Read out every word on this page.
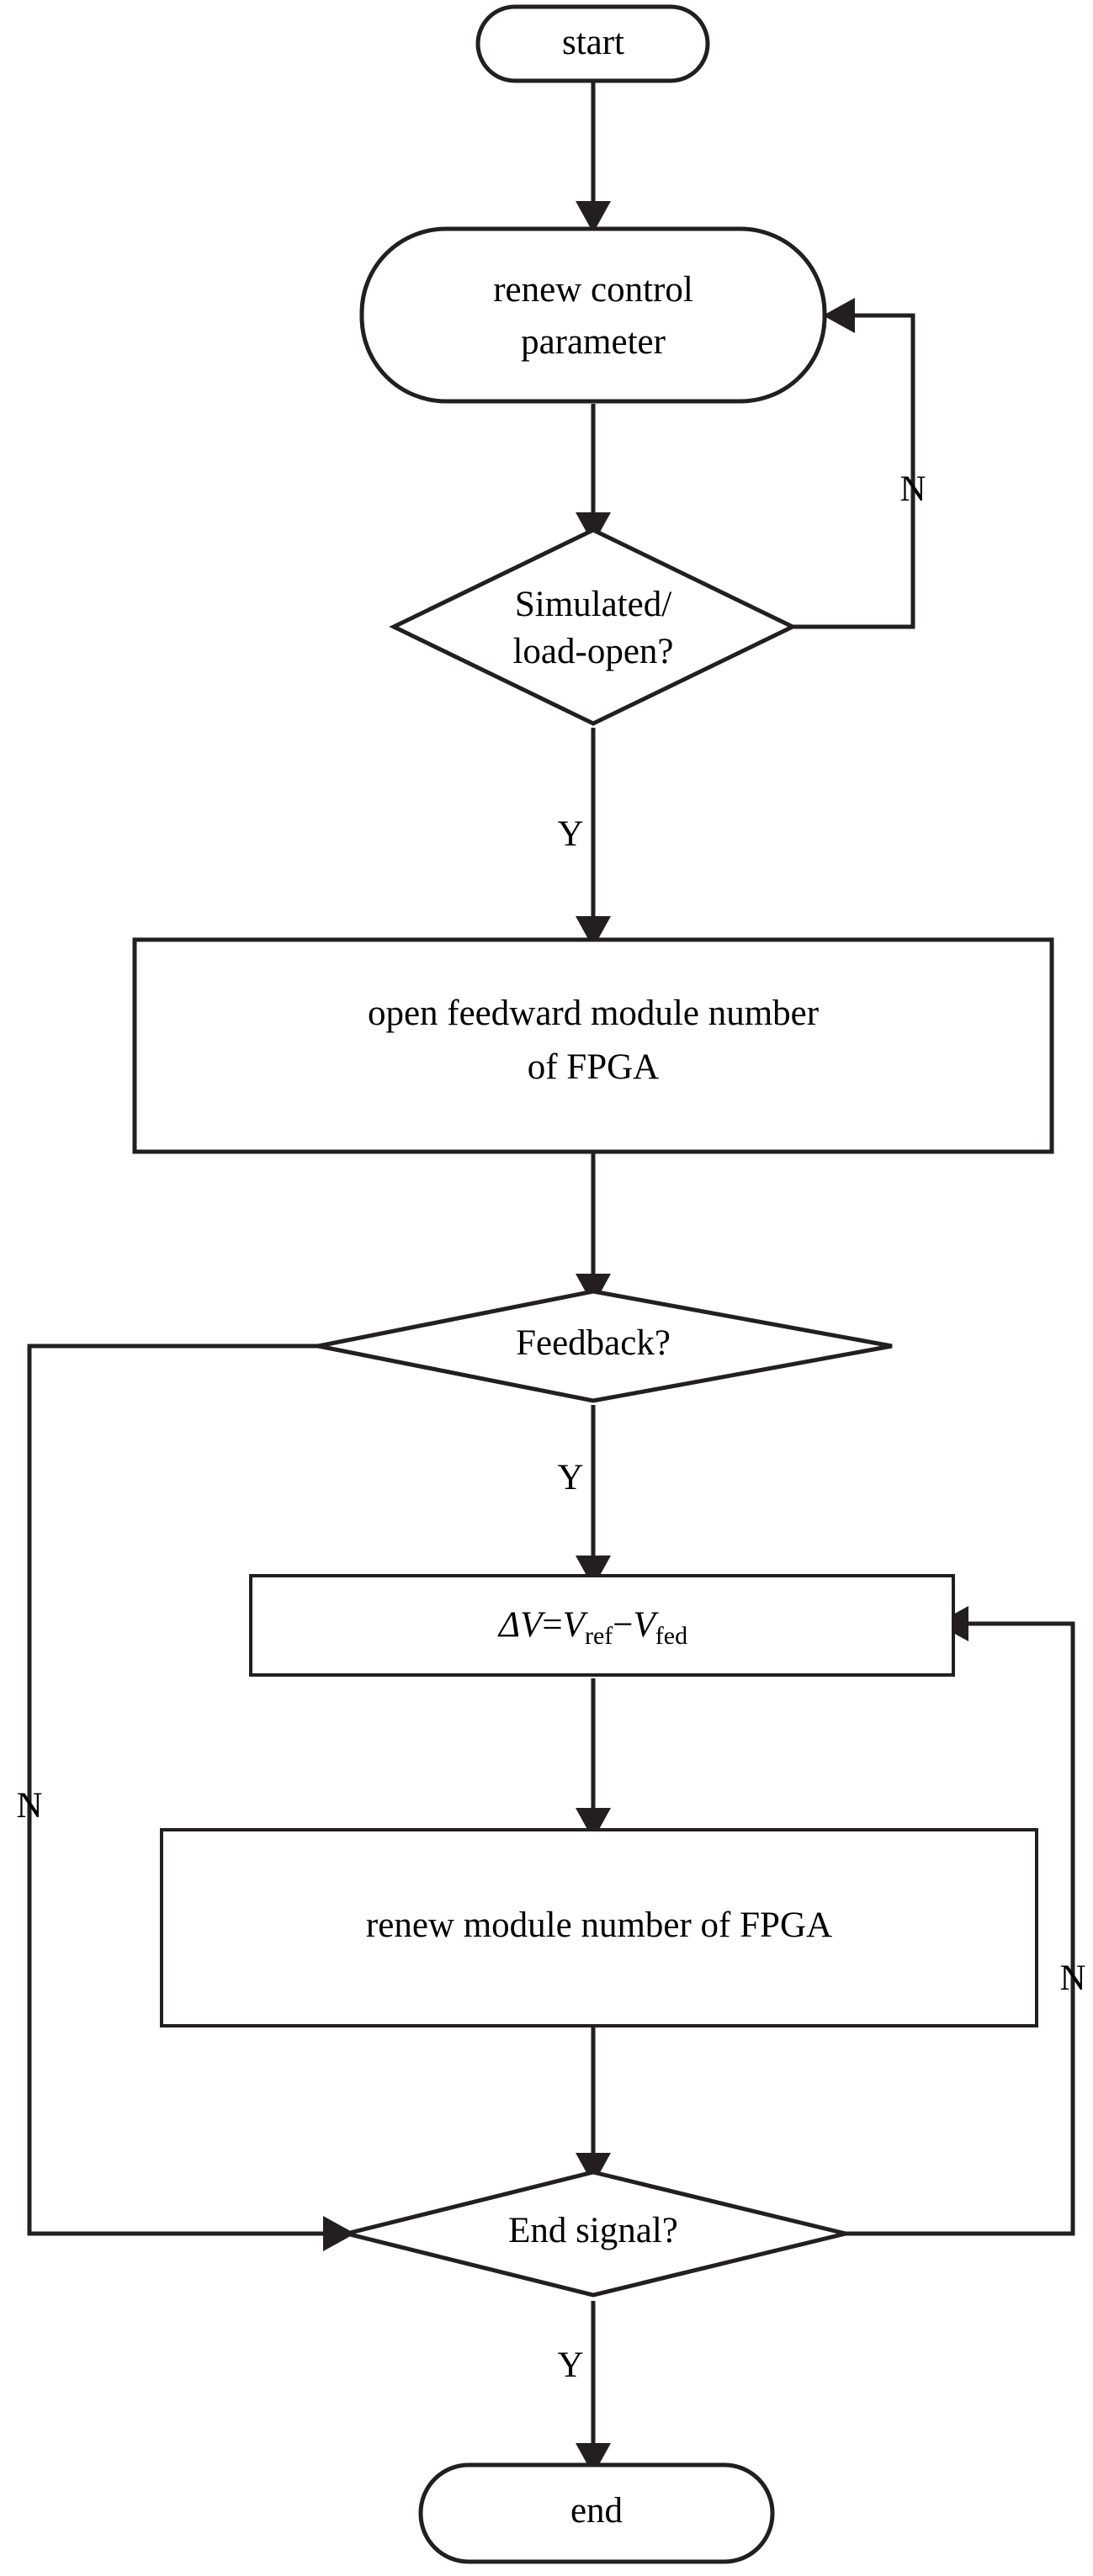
start
renew control
parameter
Simulated/
load-open?
N
Y
open feedward module number
of FPGA
Feedback?
Y
N
$\Delta V=V_{ref}-V_{fed}$
renew module number of FPGA
N
End signal?
Y
end
